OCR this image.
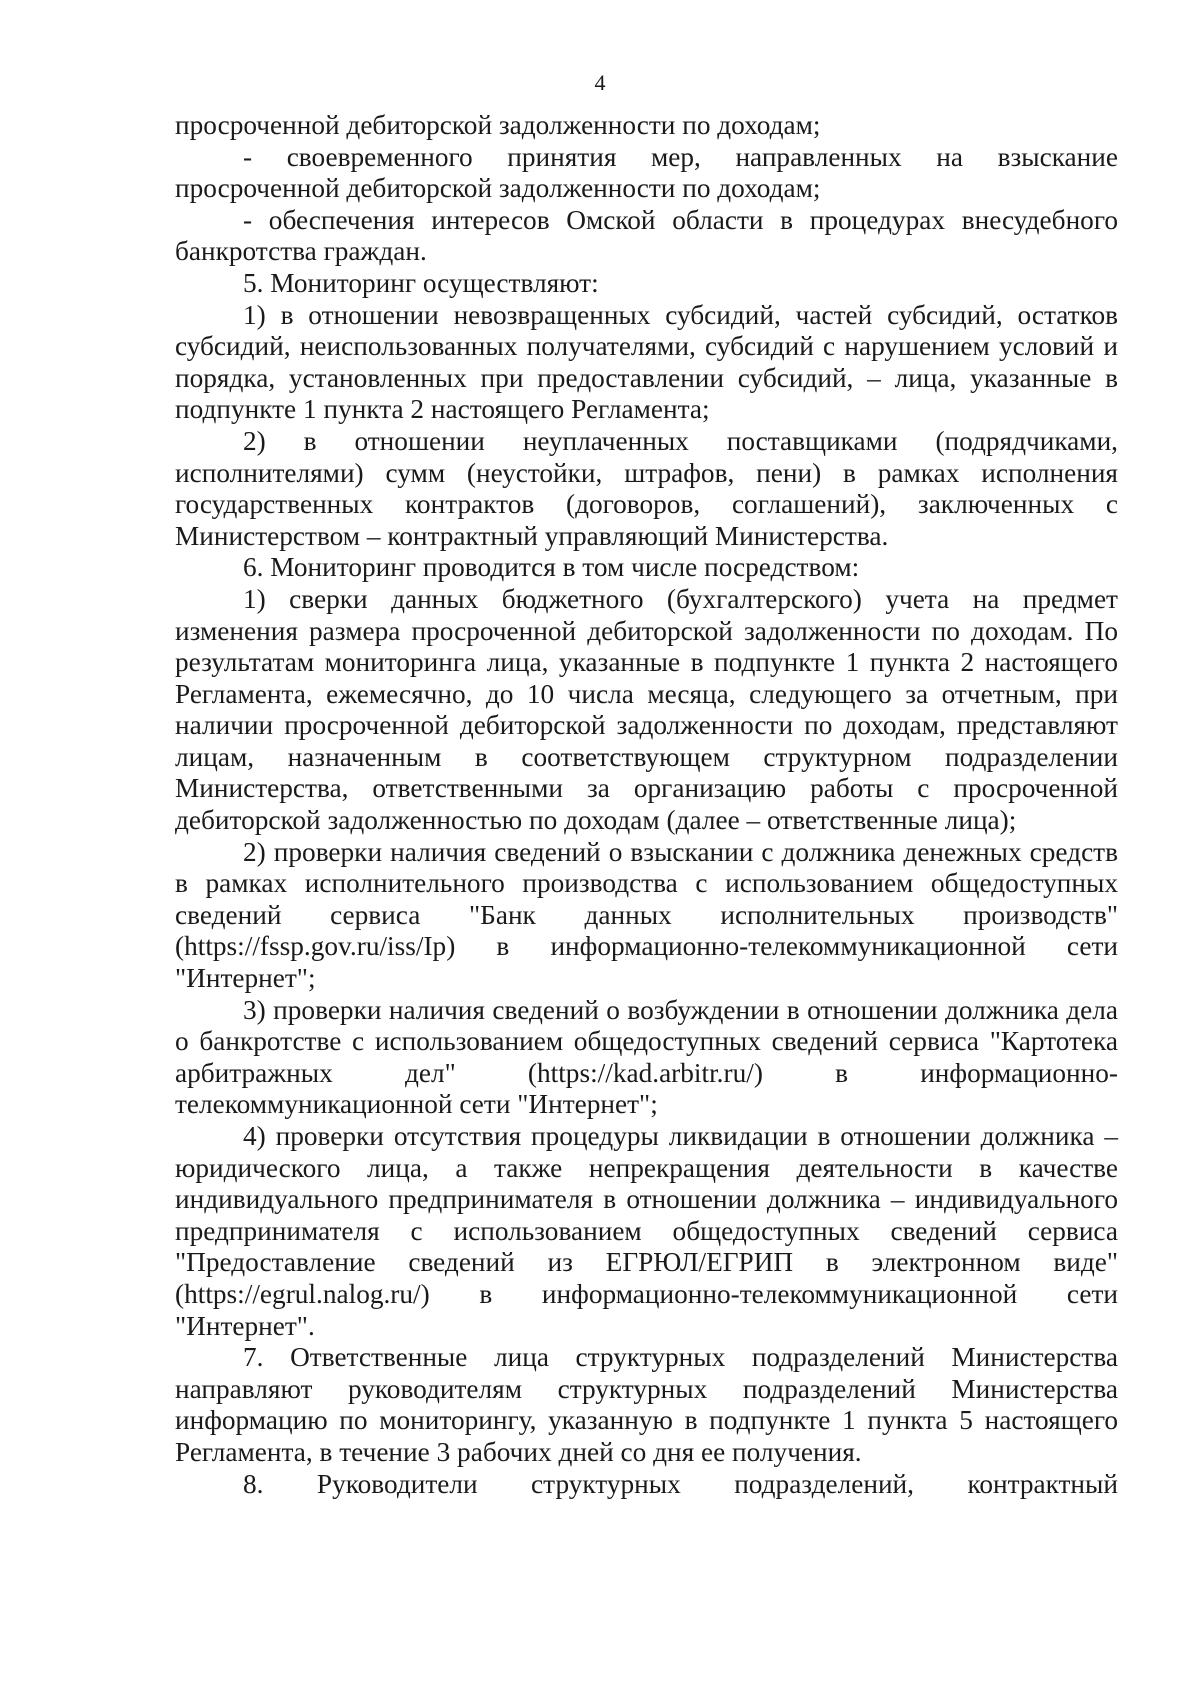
4

просроченной дебиторской задолженности по доходам;

- своевременного принятия мер, направленных на взыскание просроченной дебиторской задолженности по доходам;

- обеспечения интересов Омской области в процедурах внесудебного банкротства граждан.

5. Мониторинг осуществляют:

1) в отношении невозвращенных субсидий, частей субсидий, остатков субсидий, неиспользованных получателями, субсидий с нарушением условий и порядка, установленных при предоставлении субсидий, – лица, указанные в подпункте 1 пункта 2 настоящего Регламента;

2) в отношении неуплаченных поставщиками (подрядчиками, исполнителями) сумм (неустойки, штрафов, пени) в рамках исполнения государственных контрактов (договоров, соглашений), заключенных с Министерством – контрактный управляющий Министерства.

6. Мониторинг проводится в том числе посредством:

1) сверки данных бюджетного (бухгалтерского) учета на предмет изменения размера просроченной дебиторской задолженности по доходам. По результатам мониторинга лица, указанные в подпункте 1 пункта 2 настоящего Регламента, ежемесячно, до 10 числа месяца, следующего за отчетным, при наличии просроченной дебиторской задолженности по доходам, представляют лицам, назначенным в соответствующем структурном подразделении Министерства, ответственными за организацию работы с просроченной дебиторской задолженностью по доходам (далее – ответственные лица);

2) проверки наличия сведений о взыскании с должника денежных средств в рамках исполнительного производства с использованием общедоступных сведений сервиса "Банк данных исполнительных производств" (https://fssp.gov.ru/iss/Ip) в информационно-телекоммуникационной сети "Интернет";

3) проверки наличия сведений о возбуждении в отношении должника дела о банкротстве с использованием общедоступных сведений сервиса "Картотека арбитражных дел" (https://kad.arbitr.ru/) в информационно-телекоммуникационной сети "Интернет";

4) проверки отсутствия процедуры ликвидации в отношении должника – юридического лица, а также непрекращения деятельности в качестве индивидуального предпринимателя в отношении должника – индивидуального предпринимателя с использованием общедоступных сведений сервиса "Предоставление сведений из ЕГРЮЛ/ЕГРИП в электронном виде" (https://egrul.nalog.ru/) в информационно-телекоммуникационной сети "Интернет".

7. Ответственные лица структурных подразделений Министерства направляют руководителям структурных подразделений Министерства информацию по мониторингу, указанную в подпункте 1 пункта 5 настоящего Регламента, в течение 3 рабочих дней со дня ее получения.

8. Руководители структурных подразделений, контрактный
